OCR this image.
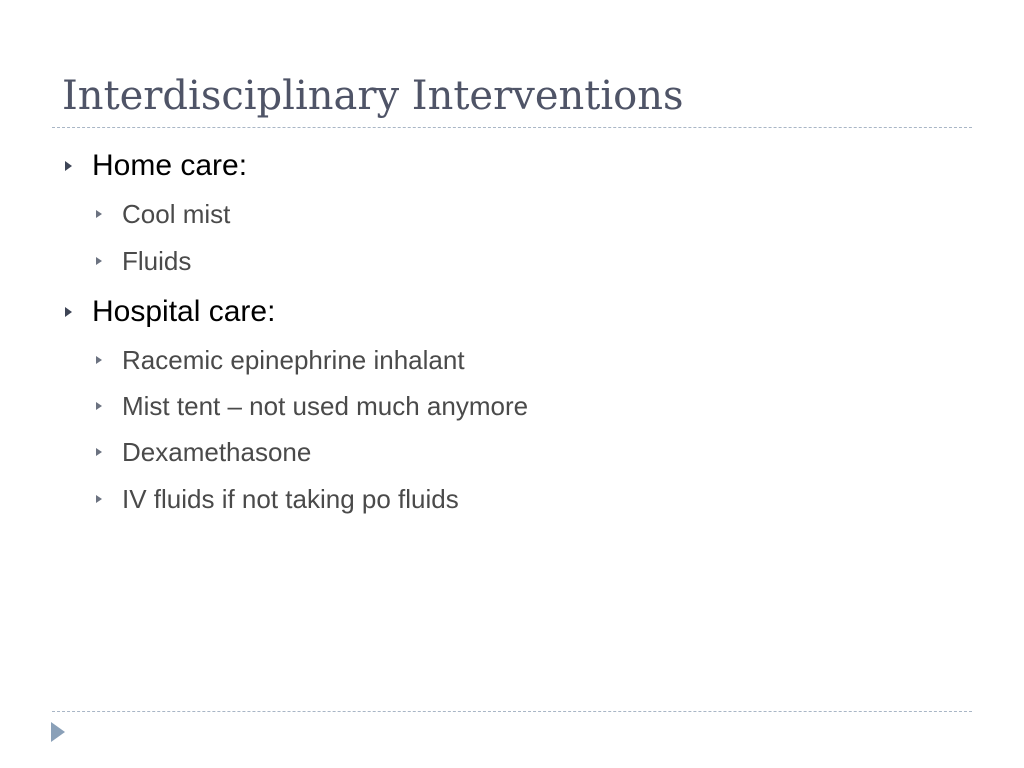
Interdisciplinary Interventions
Home care:
Cool mist
Fluids
Hospital care:
Racemic epinephrine inhalant
Mist tent – not used much anymore
Dexamethasone
IV fluids if not taking po fluids
